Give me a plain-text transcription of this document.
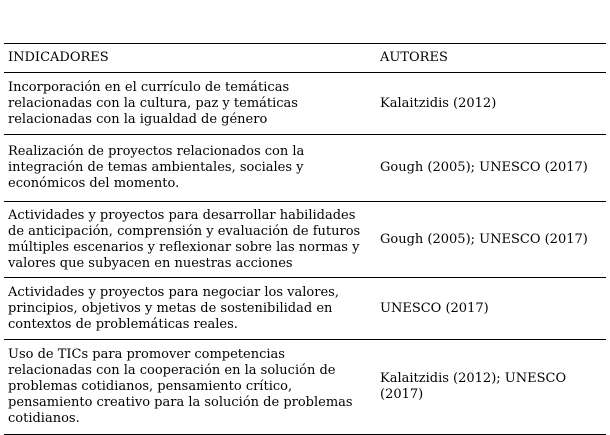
INDICADORES	AUTORES
Incorporación en el currículo de temáticas relacionadas con la cultura, paz y temáticas relacionadas con la igualdad de género
Kalaitzidis (2012)
Realización de proyectos relacionados con la integración de temas ambientales, sociales y económicos del momento.
Gough (2005); UNESCO (2017)
Actividades y proyectos para desarrollar habilidades de anticipación, comprensión y evaluación de futuros múltiples escenarios y reflexionar sobre las normas y valores que subyacen en nuestras acciones
Gough (2005); UNESCO (2017)
Actividades y proyectos para negociar los valores, principios, objetivos y metas de sostenibilidad en contextos de problemáticas reales.
UNESCO (2017)
Uso de TICs para promover competencias relacionadas con la cooperación en la solución de problemas cotidianos, pensamiento crítico, pensamiento creativo para la solución de problemas cotidianos.
Kalaitzidis (2012); UNESCO (2017)
